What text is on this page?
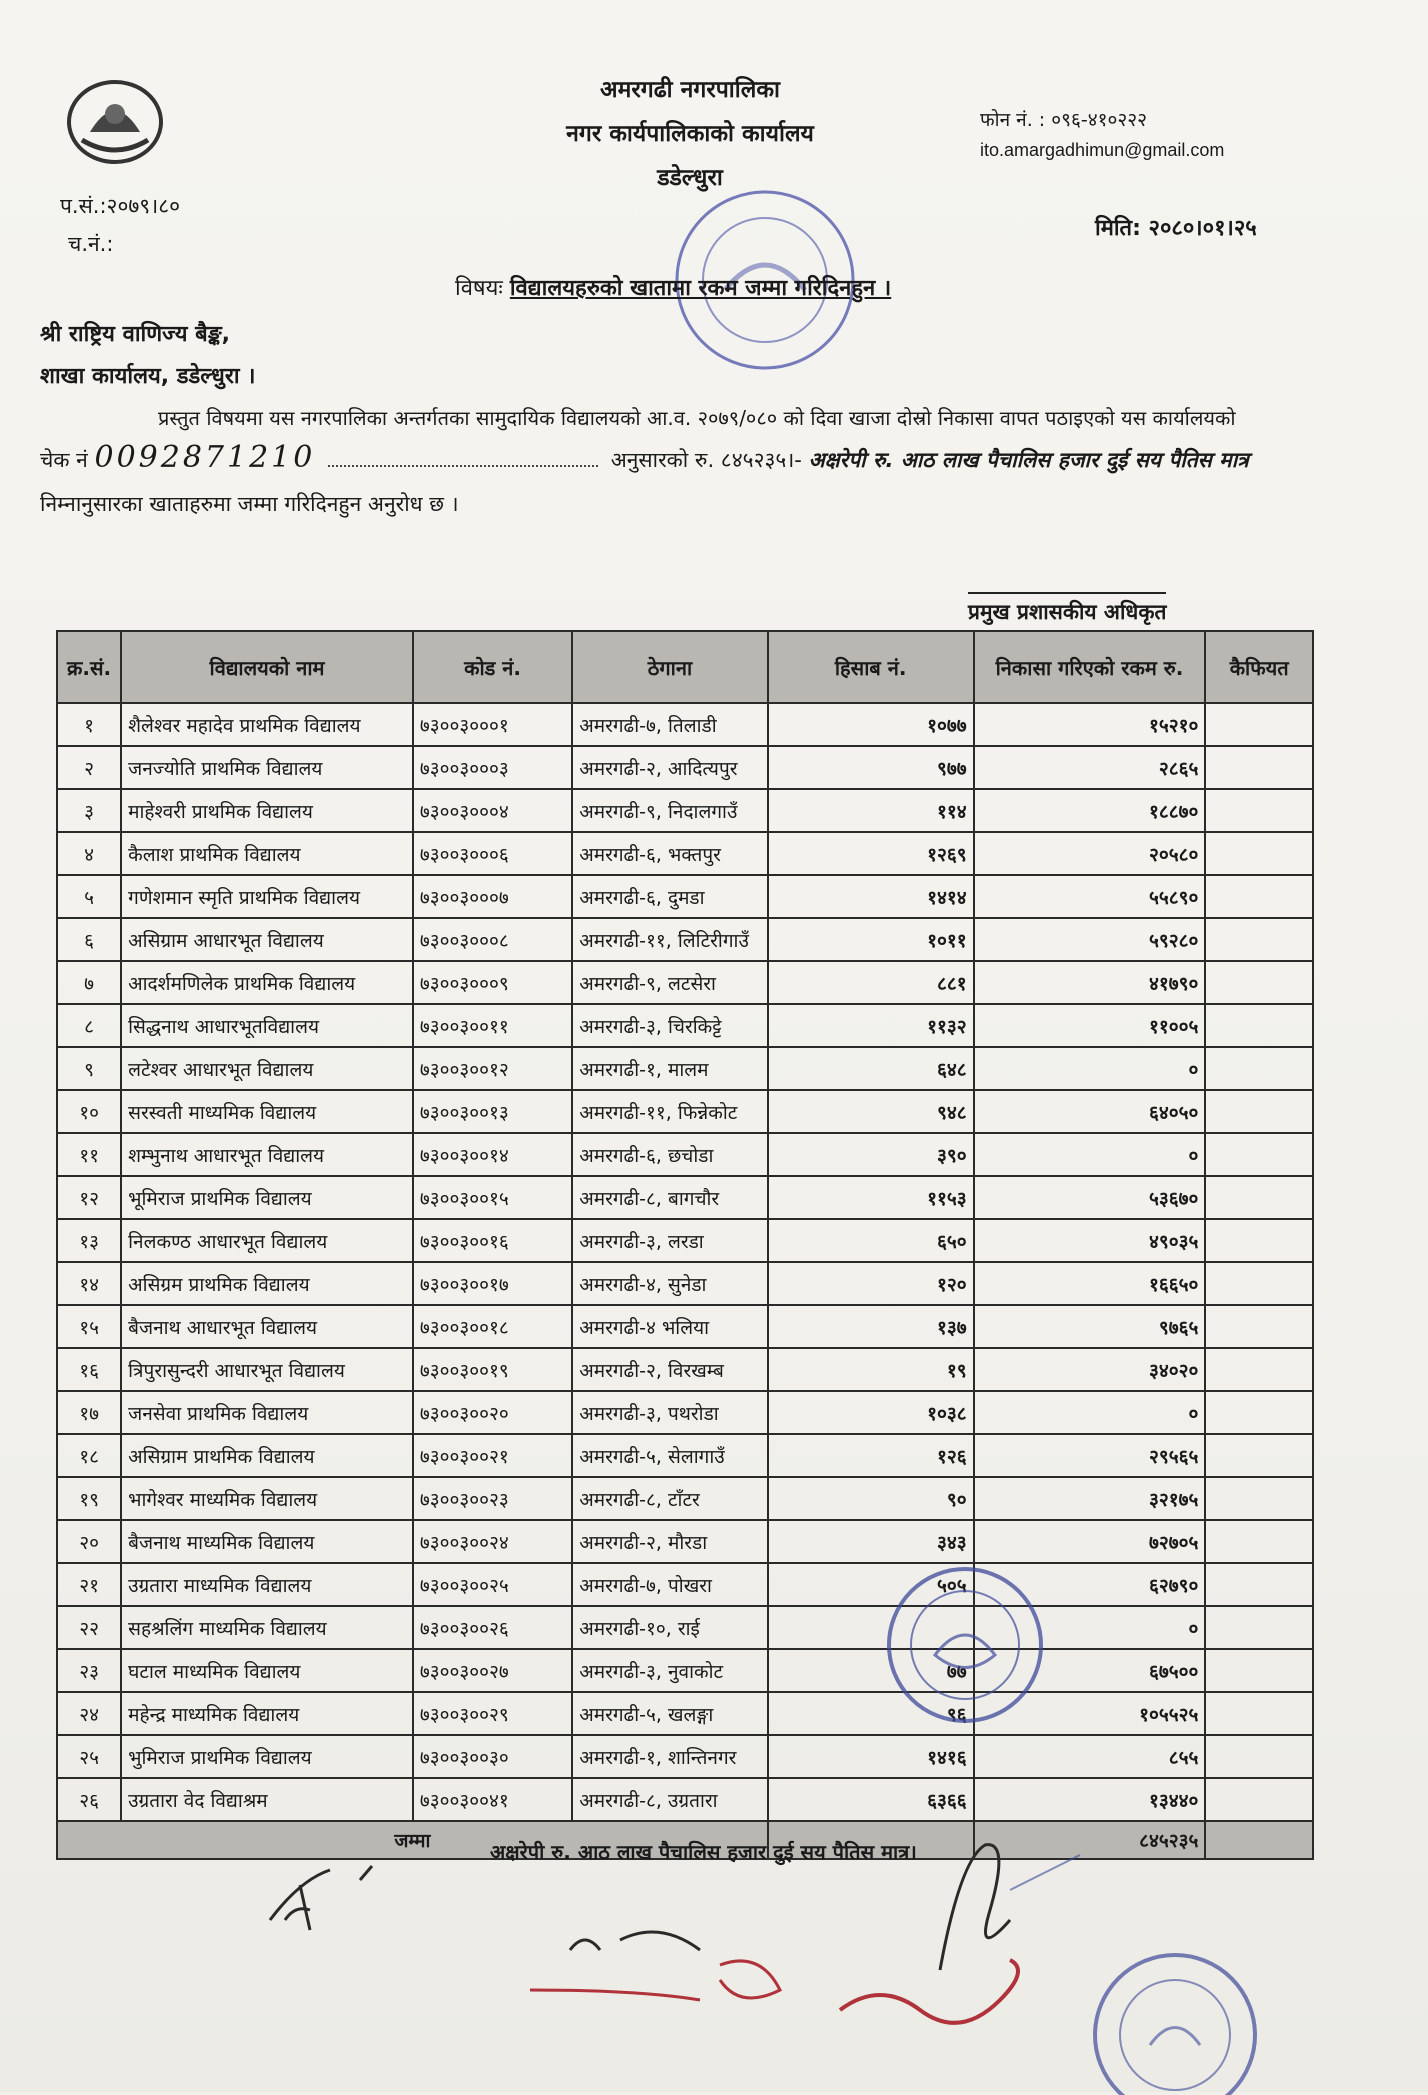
अमरगढी नगरपालिका
नगर कार्यपालिकाको कार्यालय
डडेल्धुरा
फोन नं. : ०९६-४१०२२२
ito.amargadhimun@gmail.com
प.सं.:२०७९।८०
च.नं.:
मिति: २०८०।०१।२५
विषयः विद्यालयहरुको खातामा रकम जम्मा गरिदिनहुन ।
श्री राष्ट्रिय वाणिज्य बैङ्क,
शाखा कार्यालय, डडेल्धुरा ।
प्रस्तुत विषयमा यस नगरपालिका अन्तर्गतका सामुदायिक विद्यालयको आ.व. २०७९/०८० को दिवा खाजा दोस्रो निकासा वापत पठाइएको यस कार्यालयको
चेक नं 0092871210	अनुसारको रु. ८४५२३५।- अक्षरेपी रु. आठ लाख पैचालिस हजार दुई सय पैतिस मात्र
निम्नानुसारका खाताहरुमा जम्मा गरिदिनहुन अनुरोध छ ।
प्रमुख प्रशासकीय अधिकृत
क्र.सं.	विद्यालयको नाम	कोड नं.	ठेगाना	हिसाब नं.	निकासा गरिएको रकम रु.	कैफियत
१	शैलेश्वर महादेव प्राथमिक विद्यालय	७३००३०००१	अमरगढी-७, तिलाडी	१०७७	१५२१०	
२	जनज्योति प्राथमिक विद्यालय	७३००३०००३	अमरगढी-२, आदित्यपुर	९७७	२८६५	
३	माहेश्वरी प्राथमिक विद्यालय	७३००३०००४	अमरगढी-९, निदालगाउँ	११४	१८८७०	
४	कैलाश प्राथमिक विद्यालय	७३००३०००६	अमरगढी-६, भक्तपुर	१२६९	२०५८०	
५	गणेशमान स्मृति प्राथमिक विद्यालय	७३००३०००७	अमरगढी-६, दुमडा	१४१४	५५८९०	
६	असिग्राम आधारभूत विद्यालय	७३००३०००८	अमरगढी-११, लिटिरीगाउँ	१०११	५९२८०	
७	आदर्शमणिलेक प्राथमिक विद्यालय	७३००३०००९	अमरगढी-९, लटसेरा	८८१	४१७९०	
८	सिद्धनाथ आधारभूतविद्यालय	७३००३००११	अमरगढी-३, चिरकिट्टे	११३२	११००५	
९	लटेश्वर आधारभूत विद्यालय	७३००३००१२	अमरगढी-१, मालम	६४८	०	
१०	सरस्वती माध्यमिक विद्यालय	७३००३००१३	अमरगढी-११, फिन्नेकोट	९४८	६४०५०	
११	शम्भुनाथ आधारभूत विद्यालय	७३००३००१४	अमरगढी-६, छचोडा	३९०	०	
१२	भूमिराज प्राथमिक विद्यालय	७३००३००१५	अमरगढी-८, बागचौर	११५३	५३६७०	
१३	निलकण्ठ आधारभूत विद्यालय	७३००३००१६	अमरगढी-३, लरडा	६५०	४९०३५	
१४	असिग्रम प्राथमिक विद्यालय	७३००३००१७	अमरगढी-४, सुनेडा	१२०	१६६५०	
१५	बैजनाथ आधारभूत विद्यालय	७३००३००१८	अमरगढी-४ भलिया	१३७	९७६५	
१६	त्रिपुरासुन्दरी आधारभूत विद्यालय	७३००३००१९	अमरगढी-२, विरखम्ब	१९	३४०२०	
१७	जनसेवा प्राथमिक विद्यालय	७३००३००२०	अमरगढी-३, पथरोडा	१०३८	०	
१८	असिग्राम प्राथमिक विद्यालय	७३००३००२१	अमरगढी-५, सेलागाउँ	१२६	२९५६५	
१९	भागेश्वर माध्यमिक विद्यालय	७३००३००२३	अमरगढी-८, टाँटर	९०	३२१७५	
२०	बैजनाथ माध्यमिक विद्यालय	७३००३००२४	अमरगढी-२, मौरडा	३४३	७२७०५	
२१	उग्रतारा माध्यमिक विद्यालय	७३००३००२५	अमरगढी-७, पोखरा	५०५	६२७९०	
२२	सहश्रलिंग माध्यमिक विद्यालय	७३००३००२६	अमरगढी-१०, राई		०	
२३	घटाल माध्यमिक विद्यालय	७३००३००२७	अमरगढी-३, नुवाकोट	७७	६७५००	
२४	महेन्द्र माध्यमिक विद्यालय	७३००३००२९	अमरगढी-५, खलङ्गा	९६	१०५५२५	
२५	भुमिराज प्राथमिक विद्यालय	७३००३००३०	अमरगढी-१, शान्तिनगर	१४१६	८५५	
२६	उग्रतारा वेद विद्याश्रम	७३००३००४१	अमरगढी-८, उग्रतारा	६३६६	१३४४०	
जम्मा					८४५२३५	
अक्षरेपी रु. आठ लाख पैचालिस हजार दुई सय पैतिस मात्र।
